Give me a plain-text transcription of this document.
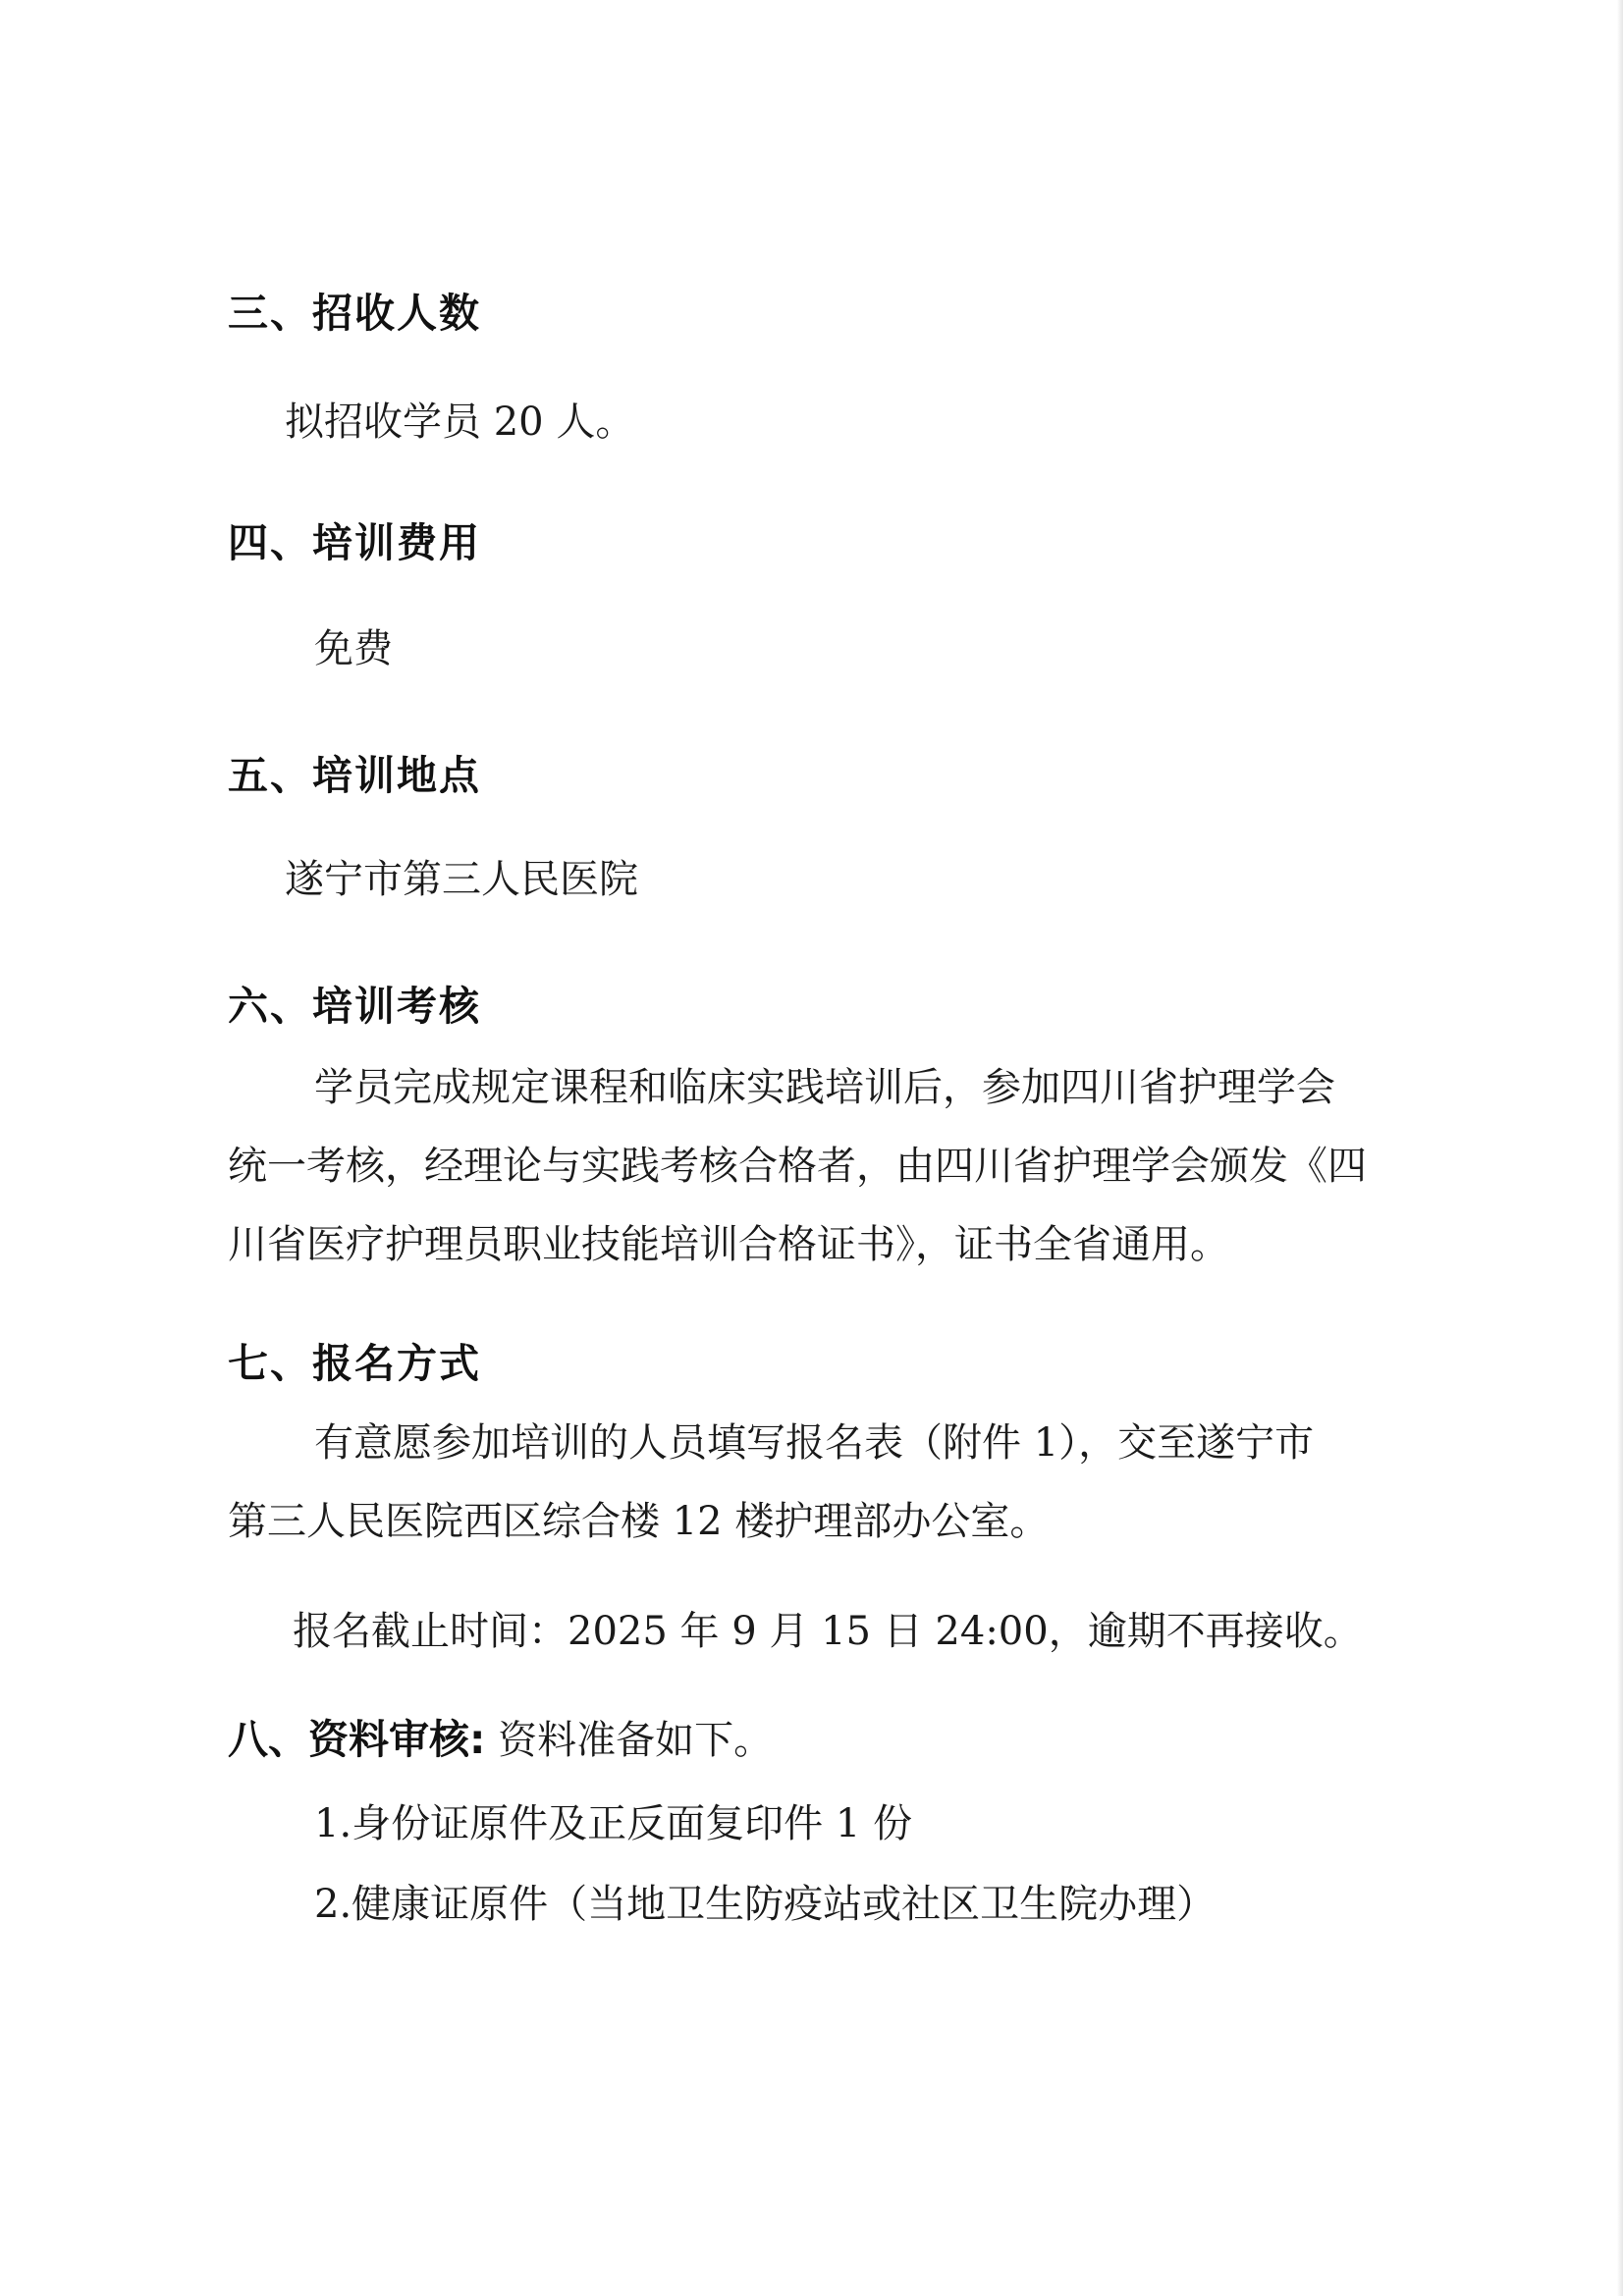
三、招收人数
拟招收学员 20 人。
四、培训费用
免费
五、培训地点
遂宁市第三人民医院
六、培训考核
学员完成规定课程和临床实践培训后，参加四川省护理学会
统一考核，经理论与实践考核合格者，由四川省护理学会颁发《四
川省医疗护理员职业技能培训合格证书》，证书全省通用。
七、报名方式
有意愿参加培训的人员填写报名表（附件 1），交至遂宁市
第三人民医院西区综合楼 12 楼护理部办公室。
报名截止时间：2025 年 9 月 15 日 24:00，逾期不再接收。
八、资料审核: 资料准备如下。
1.身份证原件及正反面复印件 1 份
2.健康证原件（当地卫生防疫站或社区卫生院办理）
